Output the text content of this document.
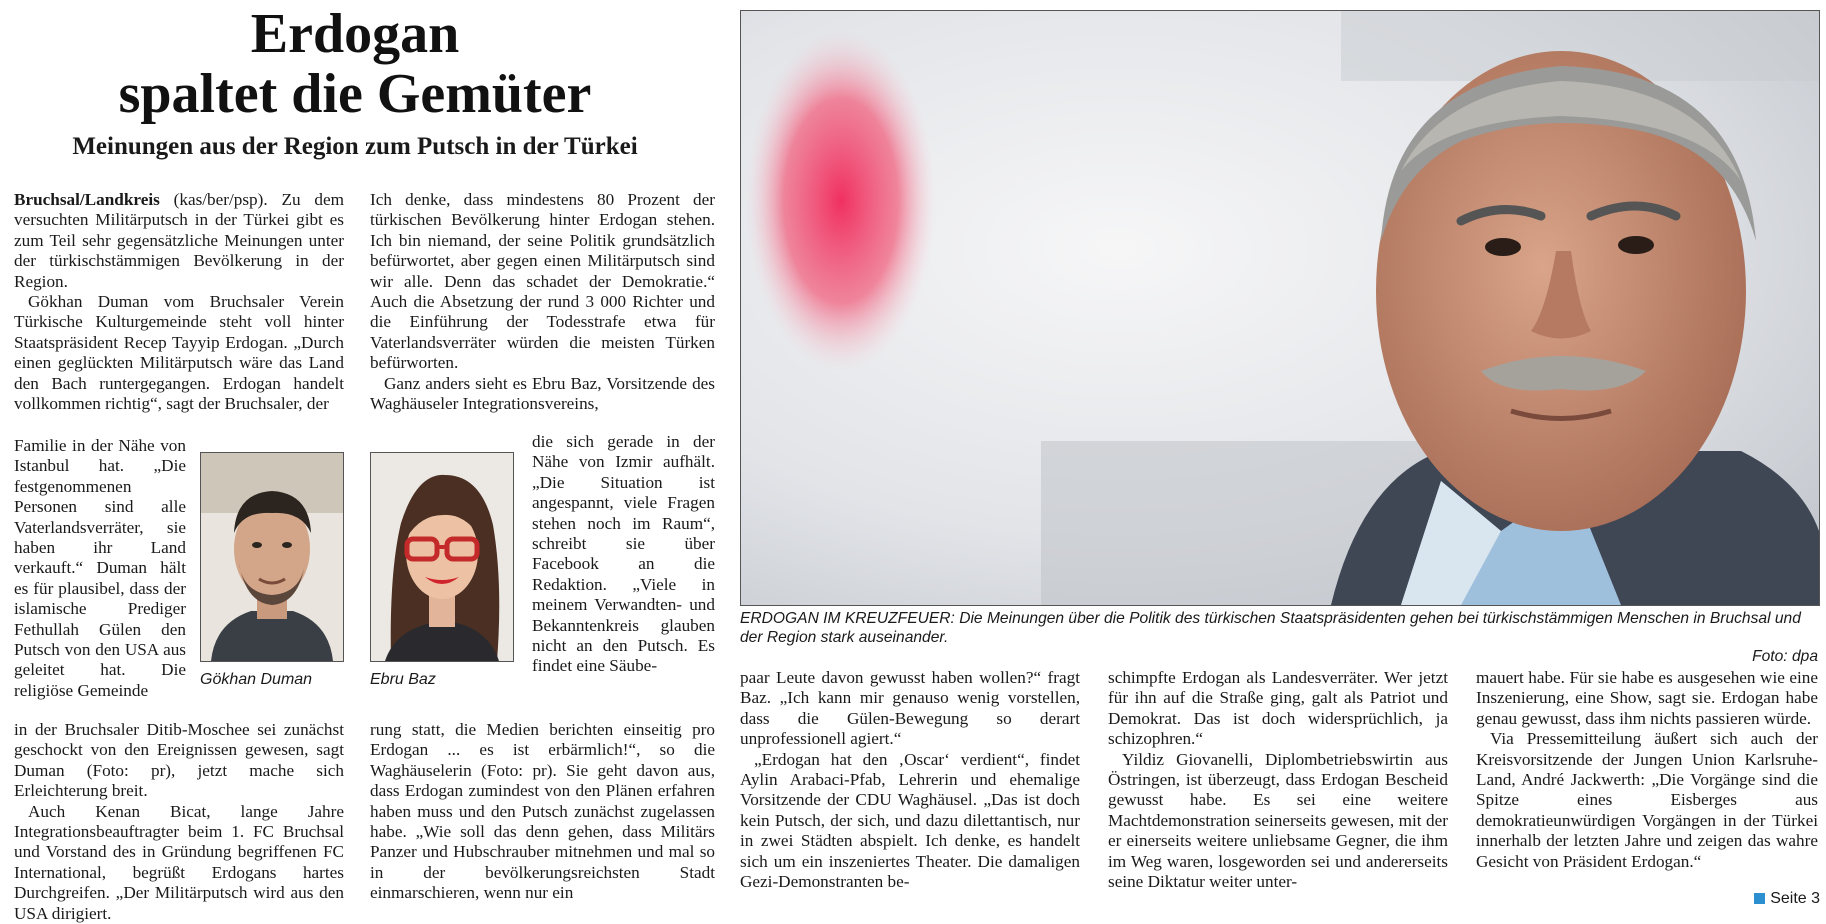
Erdogan
spaltet die Gemüter
Meinungen aus der Region zum Putsch in der Türkei

Bruchsal/Landkreis (kas/ber/psp). Zu dem versuchten Militärputsch in der Türkei gibt es zum Teil sehr gegensätzliche Meinungen unter der türkischstämmigen Bevölkerung in der Region.

Gökhan Duman vom Bruchsaler Verein Türkische Kulturgemeinde steht voll hinter Staatspräsident Recep Tayyip Erdogan. „Durch einen geglückten Militärputsch wäre das Land den Bach runtergegangen. Erdogan handelt vollkommen richtig“, sagt der Bruchsaler, der

Familie in der Nähe von Istanbul hat. „Die festgenommenen Personen sind alle Vaterlandsverräter, sie haben ihr Land verkauft.“ Duman hält es für plausibel, dass der islamische Prediger Fethullah Gülen den Putsch von den USA aus geleitet hat. Die religiöse Gemeinde

in der Bruchsaler Ditib-Moschee sei zunächst geschockt von den Ereignissen gewesen, sagt Duman (Foto: pr), jetzt mache sich Erleichterung breit.

Auch Kenan Bicat, lange Jahre Integrationsbeauftragter beim 1. FC Bruchsal und Vorstand des in Gründung begriffenen FC International, begrüßt Erdogans hartes Durchgreifen. „Der Militärputsch wird aus den USA dirigiert.

Gökhan Duman

Ich denke, dass mindestens 80 Prozent der türkischen Bevölkerung hinter Erdogan stehen. Ich bin niemand, der seine Politik grundsätzlich befürwortet, aber gegen einen Militärputsch sind wir alle. Denn das schadet der Demokratie.“ Auch die Absetzung der rund 3 000 Richter und die Einführung der Todesstrafe etwa für Vaterlandsverräter würden die meisten Türken befürworten.

Ganz anders sieht es Ebru Baz, Vorsitzende des Waghäuseler Integrationsvereins,

die sich gerade in der Nähe von Izmir aufhält. „Die Situation ist angespannt, viele Fragen stehen noch im Raum“, schreibt sie über Facebook an die Redaktion. „Viele in meinem Verwandten- und Bekanntenkreis glauben nicht an den Putsch. Es findet eine Säube-

rung statt, die Medien berichten einseitig pro Erdogan ... es ist erbärmlich!“, so die Waghäuselerin (Foto: pr). Sie geht davon aus, dass Erdogan zumindest von den Plänen erfahren haben muss und den Putsch zunächst zugelassen habe. „Wie soll das denn gehen, dass Militärs Panzer und Hubschrauber mitnehmen und mal so in der bevölkerungsreichsten Stadt einmarschieren, wenn nur ein

Ebru Baz
ERDOGAN IM KREUZFEUER: Die Meinungen über die Politik des türkischen Staatspräsidenten gehen bei türkischstämmigen Menschen in Bruchsal und der Region stark auseinander.
Foto: dpa

paar Leute davon gewusst haben wollen?“ fragt Baz. „Ich kann mir genauso wenig vorstellen, dass die Gülen-Bewegung so derart unprofessionell agiert.“

„Erdogan hat den ‚Oscar‘ verdient“, findet Aylin Arabaci-Pfab, Lehrerin und ehemalige Vorsitzende der CDU Waghäusel. „Das ist doch kein Putsch, der sich, und dazu dilettantisch, nur in zwei Städten abspielt. Ich denke, es handelt sich um ein inszeniertes Theater. Die damaligen Gezi-Demonstranten be-

schimpfte Erdogan als Landesverräter. Wer jetzt für ihn auf die Straße ging, galt als Patriot und Demokrat. Das ist doch widersprüchlich, ja schizophren.“

Yildiz Giovanelli, Diplombetriebswirtin aus Östringen, ist überzeugt, dass Erdogan Bescheid gewusst habe. Es sei eine weitere Machtdemonstration seinerseits gewesen, mit der er einerseits weitere unliebsame Gegner, die ihm im Weg waren, losgeworden sei und andererseits seine Diktatur weiter unter-

mauert habe. Für sie habe es ausgesehen wie eine Inszenierung, eine Show, sagt sie. Erdogan habe genau gewusst, dass ihm nichts passieren würde.

Via Pressemitteilung äußert sich auch der Kreisvorsitzende der Jungen Union Karlsruhe-Land, André Jackwerth: „Die Vorgänge sind die Spitze eines Eisberges aus demokratieunwürdigen Vorgängen in der Türkei innerhalb der letzten Jahre und zeigen das wahre Gesicht von Präsident Erdogan.“

Seite 3
